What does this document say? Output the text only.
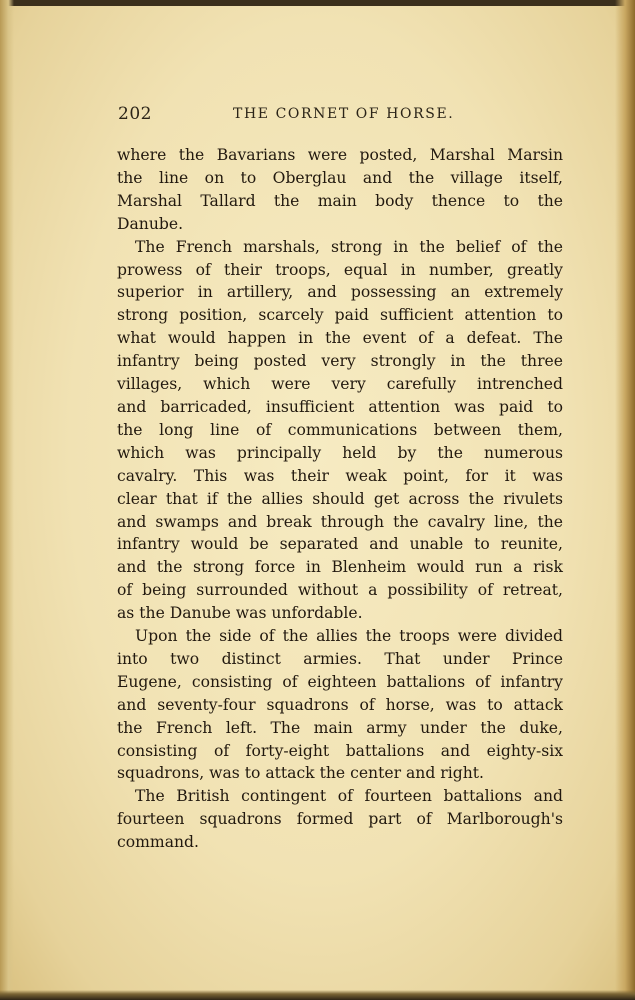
202	THE CORNET OF HORSE.

where the Bavarians were posted, Marshal Marsin
the line on to Oberglau and the village itself,
Marshal Tallard the main body thence to the
Danube.

The French marshals, strong in the belief of the
prowess of their troops, equal in number, greatly
superior in artillery, and possessing an extremely
strong position, scarcely paid sufficient attention to
what would happen in the event of a defeat. The
infantry being posted very strongly in the three
villages, which were very carefully intrenched
and barricaded, insufficient attention was paid to
the long line of communications between them,
which was principally held by the numerous
cavalry. This was their weak point, for it was
clear that if the allies should get across the rivulets
and swamps and break through the cavalry line, the
infantry would be separated and unable to reunite,
and the strong force in Blenheim would run a risk
of being surrounded without a possibility of retreat,
as the Danube was unfordable.

Upon the side of the allies the troops were divided
into two distinct armies. That under Prince
Eugene, consisting of eighteen battalions of infantry
and seventy-four squadrons of horse, was to attack
the French left. The main army under the duke,
consisting of forty-eight battalions and eighty-six
squadrons, was to attack the center and right.

The British contingent of fourteen battalions and
fourteen squadrons formed part of Marlborough's
command.
